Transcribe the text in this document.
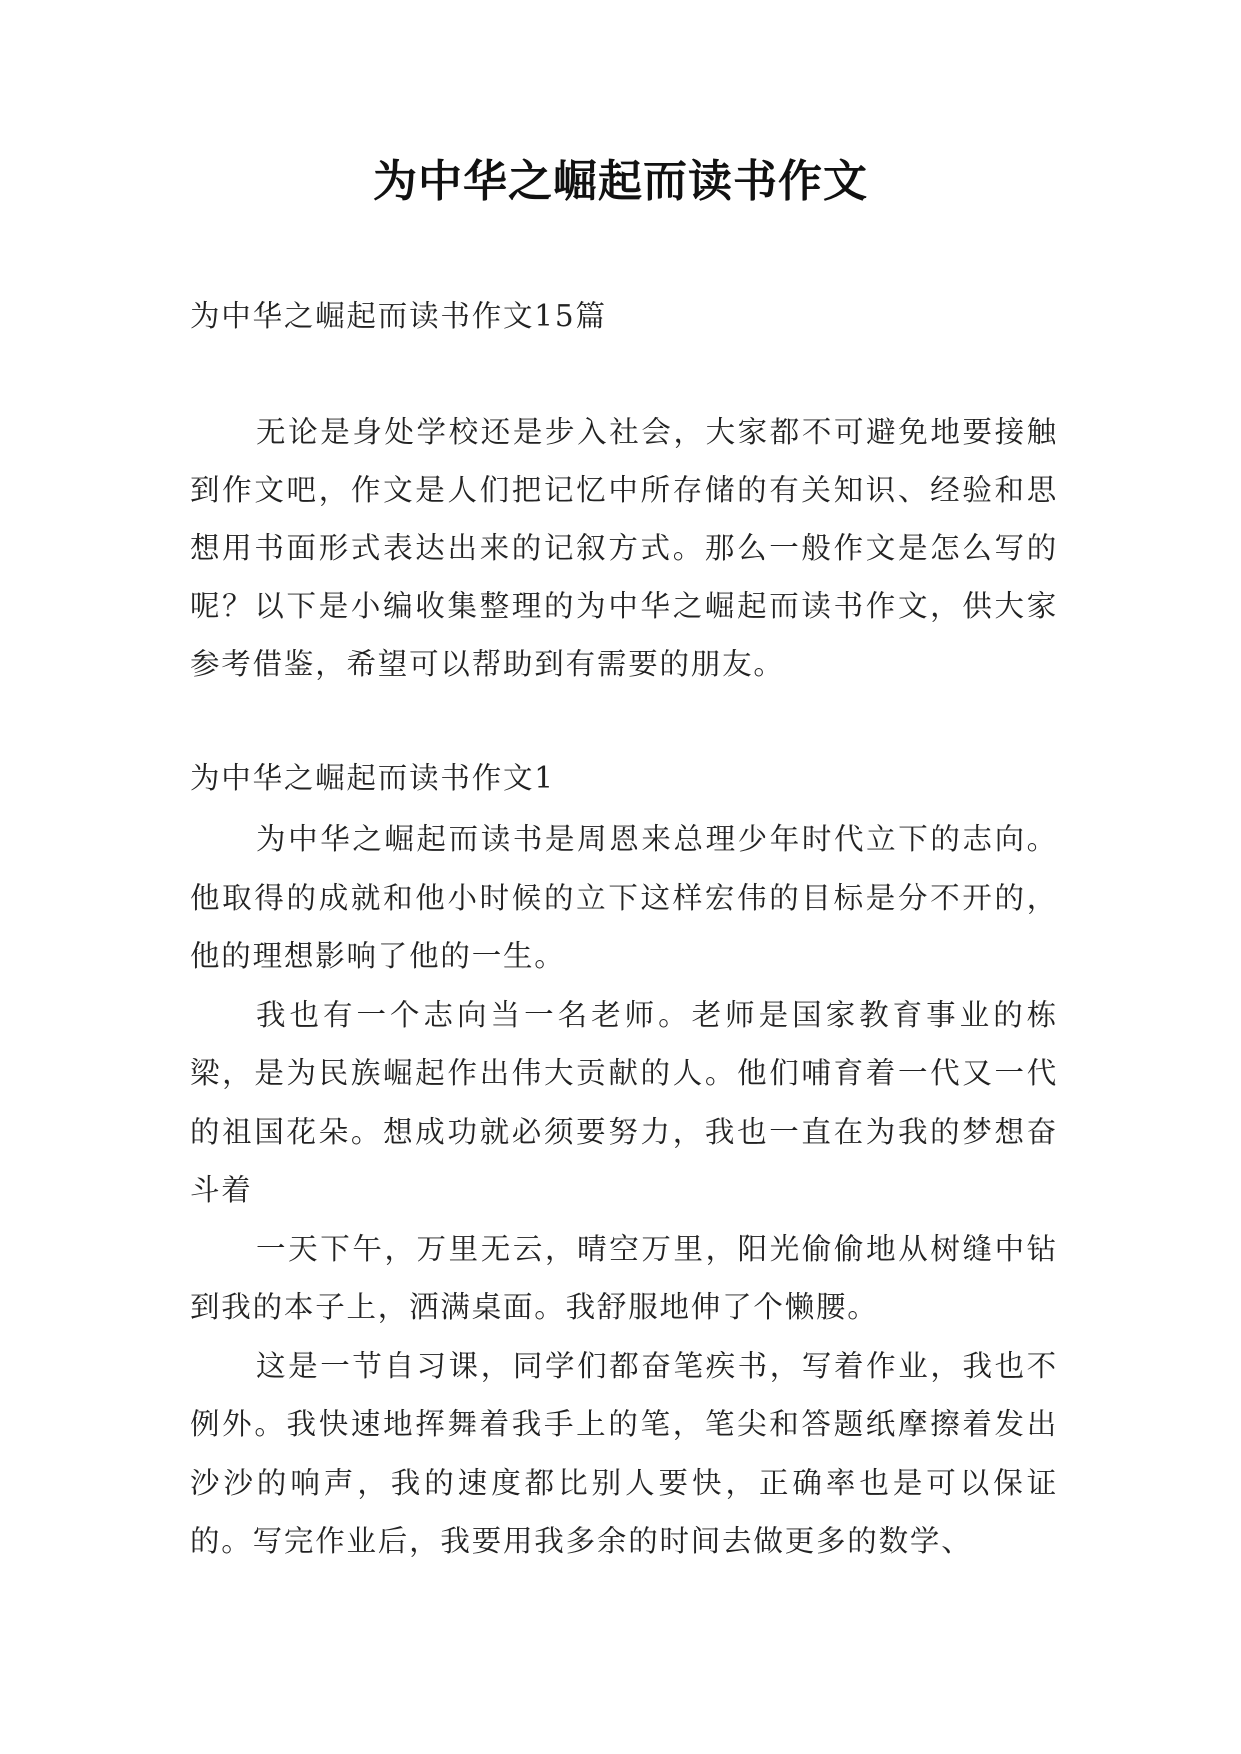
为中华之崛起而读书作文
为中华之崛起而读书作文15篇

无论是身处学校还是步入社会，大家都不可避免地要接触到作文吧，作文是人们把记忆中所存储的有关知识、经验和思想用书面形式表达出来的记叙方式。那么一般作文是怎么写的呢？以下是小编收集整理的为中华之崛起而读书作文，供大家参考借鉴，希望可以帮助到有需要的朋友。

为中华之崛起而读书作文1

为中华之崛起而读书是周恩来总理少年时代立下的志向。他取得的成就和他小时候的立下这样宏伟的目标是分不开的，他的理想影响了他的一生。

我也有一个志向当一名老师。老师是国家教育事业的栋梁，是为民族崛起作出伟大贡献的人。他们哺育着一代又一代的祖国花朵。想成功就必须要努力，我也一直在为我的梦想奋斗着

一天下午，万里无云，晴空万里，阳光偷偷地从树缝中钻到我的本子上，洒满桌面。我舒服地伸了个懒腰。

这是一节自习课，同学们都奋笔疾书，写着作业，我也不例外。我快速地挥舞着我手上的笔，笔尖和答题纸摩擦着发出沙沙的响声，我的速度都比别人要快，正确率也是可以保证的。写完作业后，我要用我多余的时间去做更多的数学、
